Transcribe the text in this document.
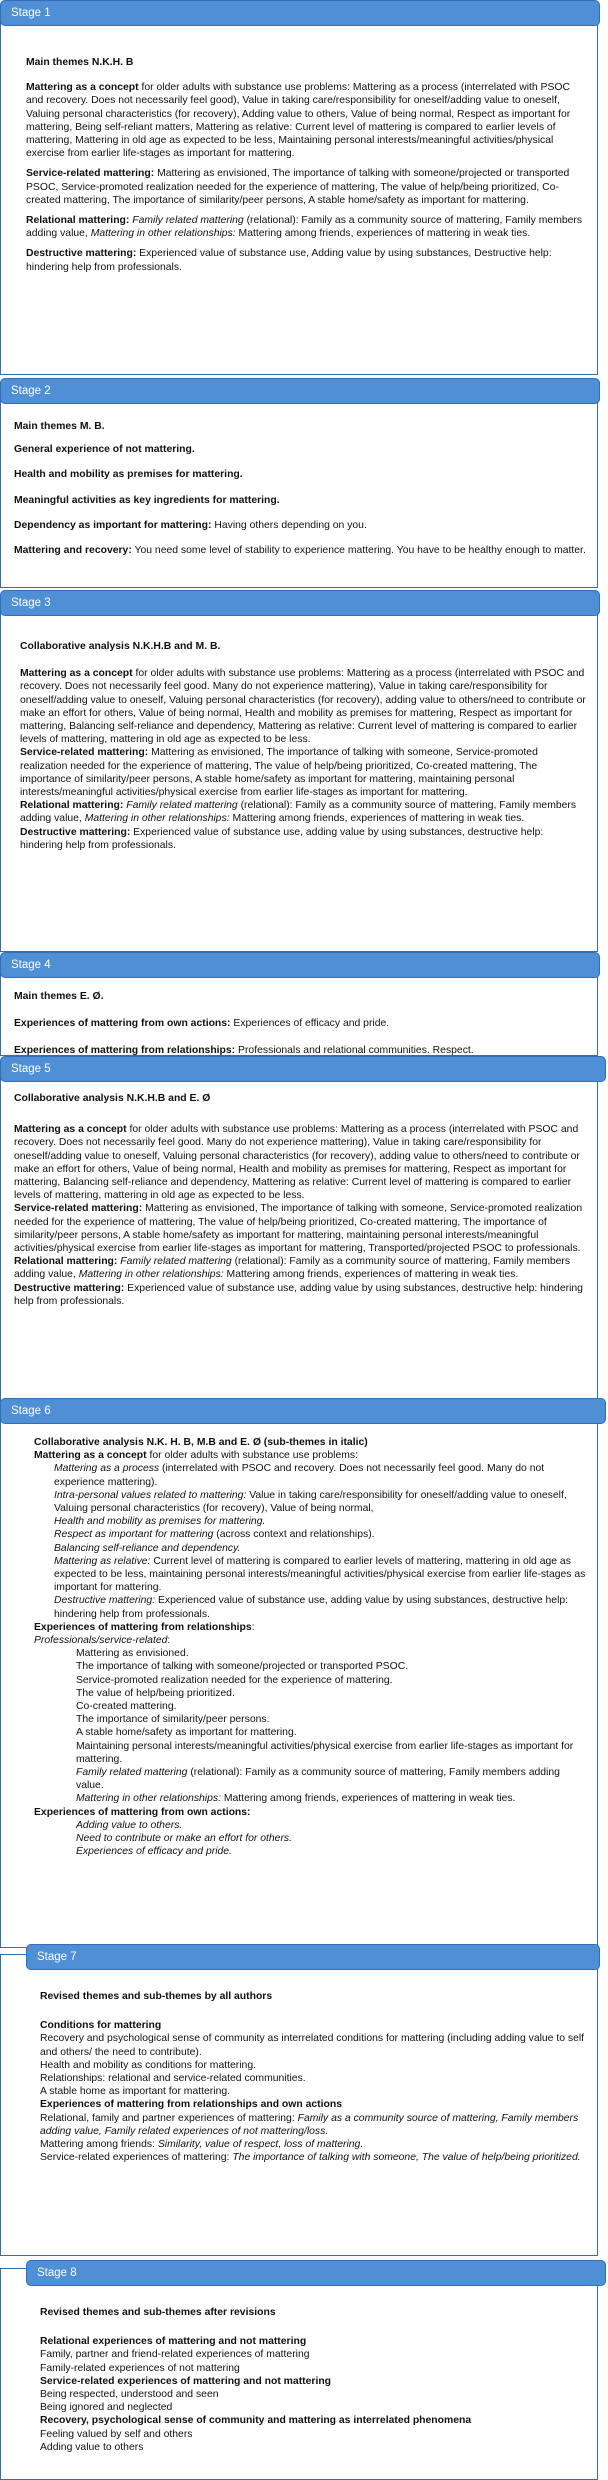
Stage 1

Main themes N.K.H. B

Mattering as a concept for older adults with substance use problems: Mattering as a process (interrelated with PSOC and recovery. Does not necessarily feel good), Value in taking care/responsibility for oneself/adding value to oneself, Valuing personal characteristics (for recovery), Adding value to others, Value of being normal, Respect as important for mattering, Being self-reliant matters, Mattering as relative: Current level of mattering is compared to earlier levels of mattering, Mattering in old age as expected to be less, Maintaining personal interests/meaningful activities/physical exercise from earlier life-stages as important for mattering.

Service-related mattering: Mattering as envisioned, The importance of talking with someone/projected or transported PSOC, Service-promoted realization needed for the experience of mattering, The value of help/being prioritized, Co-created mattering, The importance of similarity/peer persons, A stable home/safety as important for mattering.

Relational mattering: Family related mattering (relational): Family as a community source of mattering, Family members adding value, Mattering in other relationships: Mattering among friends, experiences of mattering in weak ties.

Destructive mattering: Experienced value of substance use, Adding value by using substances, Destructive help: hindering help from professionals.

Stage 2

Main themes M. B.

General experience of not mattering.

Health and mobility as premises for mattering.

Meaningful activities as key ingredients for mattering.

Dependency as important for mattering: Having others depending on you.

Mattering and recovery: You need some level of stability to experience mattering. You have to be healthy enough to matter.

Stage 3

Collaborative analysis N.K.H.B and M. B.

Mattering as a concept for older adults with substance use problems: Mattering as a process (interrelated with PSOC and recovery. Does not necessarily feel good. Many do not experience mattering), Value in taking care/responsibility for oneself/adding value to oneself, Valuing personal characteristics (for recovery), adding value to others/need to contribute or make an effort for others, Value of being normal, Health and mobility as premises for mattering, Respect as important for mattering, Balancing self-reliance and dependency, Mattering as relative: Current level of mattering is compared to earlier levels of mattering, mattering in old age as expected to be less.

Service-related mattering: Mattering as envisioned, The importance of talking with someone, Service-promoted realization needed for the experience of mattering, The value of help/being prioritized, Co-created mattering, The importance of similarity/peer persons, A stable home/safety as important for mattering, maintaining personal interests/meaningful activities/physical exercise from earlier life-stages as important for mattering.

Relational mattering: Family related mattering (relational): Family as a community source of mattering, Family members adding value, Mattering in other relationships: Mattering among friends, experiences of mattering in weak ties.

Destructive mattering: Experienced value of substance use, adding value by using substances, destructive help: hindering help from professionals.

Stage 4

Main themes E. Ø.

Experiences of mattering from own actions: Experiences of efficacy and pride.

Experiences of mattering from relationships: Professionals and relational communities. Respect.

Stage 5

Collaborative analysis N.K.H.B and E. Ø

Mattering as a concept for older adults with substance use problems: Mattering as a process (interrelated with PSOC and recovery. Does not necessarily feel good. Many do not experience mattering), Value in taking care/responsibility for oneself/adding value to oneself, Valuing personal characteristics (for recovery), adding value to others/need to contribute or make an effort for others, Value of being normal, Health and mobility as premises for mattering, Respect as important for mattering, Balancing self-reliance and dependency, Mattering as relative: Current level of mattering is compared to earlier levels of mattering, mattering in old age as expected to be less.

Service-related mattering: Mattering as envisioned, The importance of talking with someone, Service-promoted realization needed for the experience of mattering, The value of help/being prioritized, Co-created mattering, The importance of similarity/peer persons, A stable home/safety as important for mattering, maintaining personal interests/meaningful activities/physical exercise from earlier life-stages as important for mattering, Transported/projected PSOC to professionals.

Relational mattering: Family related mattering (relational): Family as a community source of mattering, Family members adding value, Mattering in other relationships: Mattering among friends, experiences of mattering in weak ties.

Destructive mattering: Experienced value of substance use, adding value by using substances, destructive help: hindering help from professionals.

Stage 6

Collaborative analysis N.K. H. B, M.B and E. Ø (sub-themes in italic)

Mattering as a concept for older adults with substance use problems:

Mattering as a process (interrelated with PSOC and recovery. Does not necessarily feel good. Many do not experience mattering).

Intra-personal values related to mattering: Value in taking care/responsibility for oneself/adding value to oneself, Valuing personal characteristics (for recovery), Value of being normal,

Health and mobility as premises for mattering.

Respect as important for mattering (across context and relationships).

Balancing self-reliance and dependency.

Mattering as relative: Current level of mattering is compared to earlier levels of mattering, mattering in old age as expected to be less, maintaining personal interests/meaningful activities/physical exercise from earlier life-stages as important for mattering.

Destructive mattering: Experienced value of substance use, adding value by using substances, destructive help: hindering help from professionals.

Experiences of mattering from relationships:

Professionals/service-related:

Mattering as envisioned.

The importance of talking with someone/projected or transported PSOC.

Service-promoted realization needed for the experience of mattering.

The value of help/being prioritized.

Co-created mattering.

The importance of similarity/peer persons.

A stable home/safety as important for mattering.

Maintaining personal interests/meaningful activities/physical exercise from earlier life-stages as important for mattering.

Family related mattering (relational): Family as a community source of mattering, Family members adding value.

Mattering in other relationships: Mattering among friends, experiences of mattering in weak ties.

Experiences of mattering from own actions:

Adding value to others.

Need to contribute or make an effort for others.

Experiences of efficacy and pride.

Stage 7

Revised themes and sub-themes by all authors

Conditions for mattering

Recovery and psychological sense of community as interrelated conditions for mattering (including adding value to self and others/ the need to contribute).

Health and mobility as conditions for mattering.

Relationships: relational and service-related communities.

A stable home as important for mattering.

Experiences of mattering from relationships and own actions

Relational, family and partner experiences of mattering: Family as a community source of mattering, Family members adding value, Family related experiences of not mattering/loss.

Mattering among friends: Similarity, value of respect, loss of mattering.

Service-related experiences of mattering: The importance of talking with someone, The value of help/being prioritized.

Stage 8

Revised themes and sub-themes after revisions

Relational experiences of mattering and not mattering

Family, partner and friend-related experiences of mattering

Family-related experiences of not mattering

Service-related experiences of mattering and not mattering

Being respected, understood and seen

Being ignored and neglected

Recovery, psychological sense of community and mattering as interrelated phenomena

Feeling valued by self and others

Adding value to others
